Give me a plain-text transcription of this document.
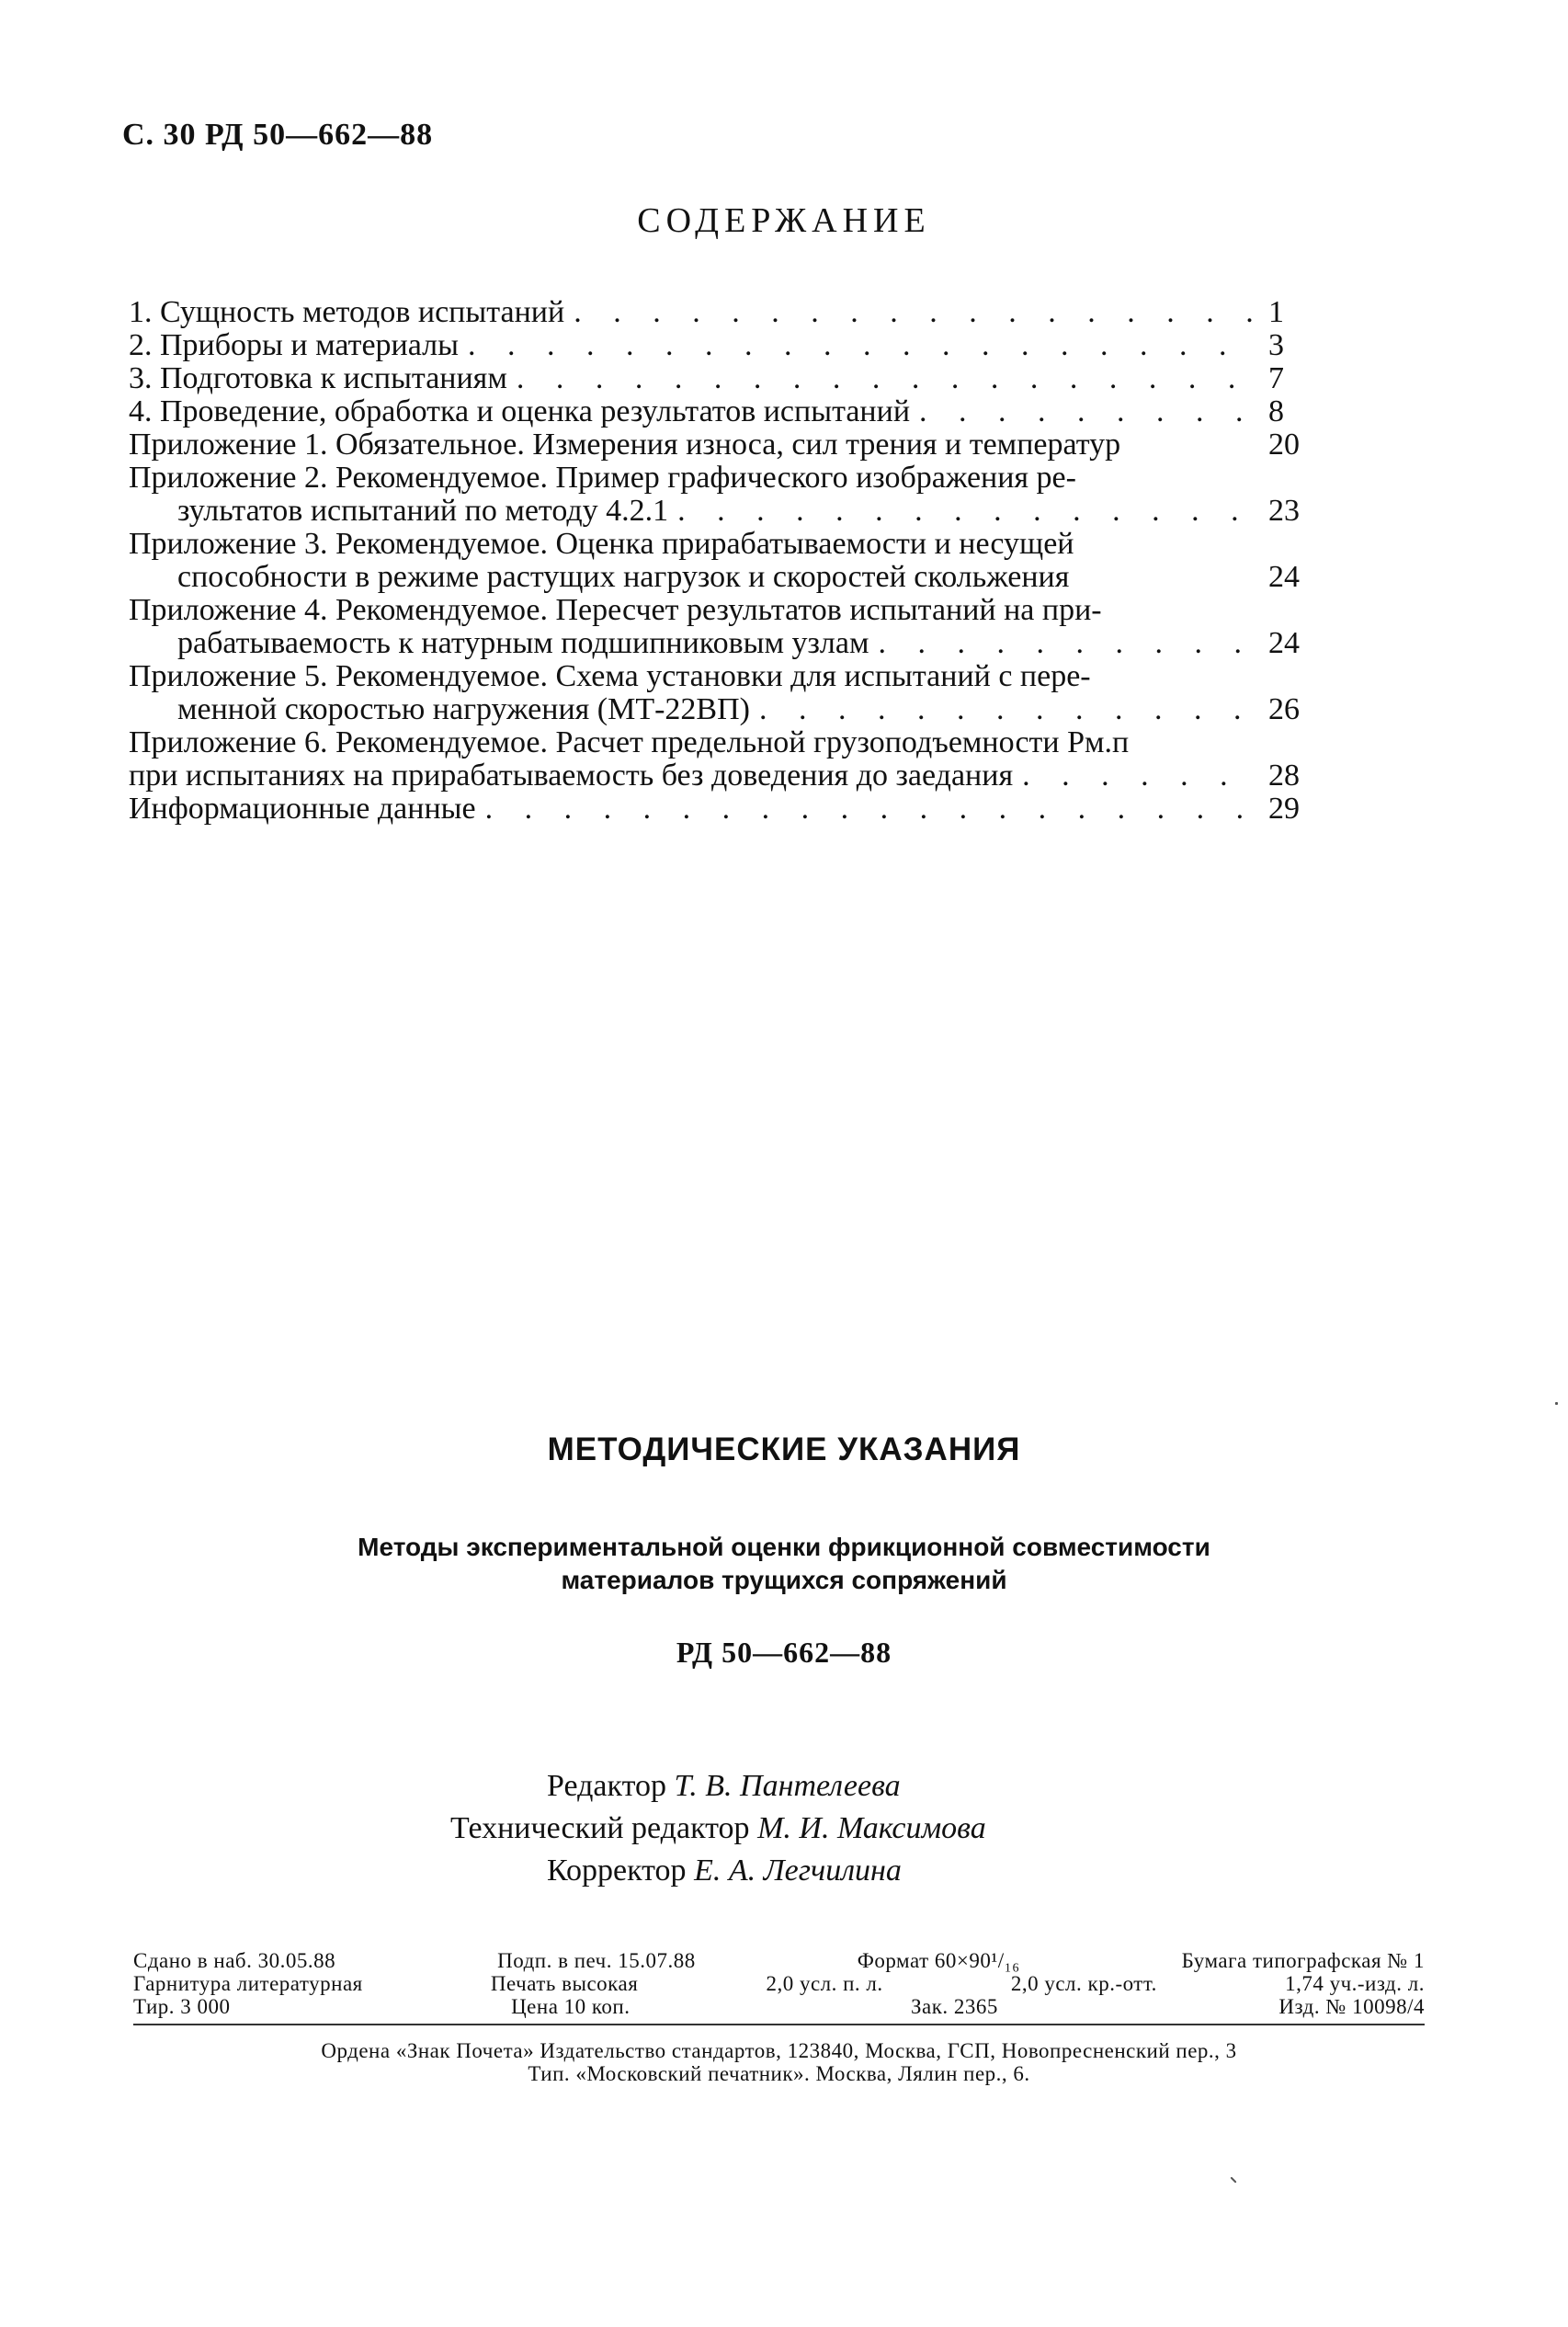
С. 30 РД 50—662—88
СОДЕРЖАНИЕ
1. Сущность методов испытаний . . .	1
2. Приборы и материалы . . .	3
3. Подготовка к испытаниям . . .	7
4. Проведение, обработка и оценка результатов испытаний . . .	8
Приложение 1. Обязательное. Измерения износа, сил трения и температур	20
Приложение 2. Рекомендуемое. Пример графического изображения ре-
зультатов испытаний по методу 4.2.1 . . .	23
Приложение 3. Рекомендуемое. Оценка прирабатываемости и несущей
способности в режиме растущих нагрузок и скоростей скольжения	24
Приложение 4. Рекомендуемое. Пересчет результатов испытаний на при-
рабатываемость к натурным подшипниковым узлам . . .	24
Приложение 5. Рекомендуемое. Схема установки для испытаний с пере-
менной скоростью нагружения (МТ-22ВП) . . .	26
Приложение 6. Рекомендуемое. Расчет предельной грузоподъемности Pм.п
при испытаниях на прирабатываемость без доведения до заедания . . .	28
Информационные данные . . .	29
МЕТОДИЧЕСКИЕ УКАЗАНИЯ
Методы экспериментальной оценки фрикционной совместимости
материалов трущихся сопряжений
РД 50—662—88
Редактор Т. В. Пантелеева
Технический редактор М. И. Максимова
Корректор Е. А. Легчилина
Сдано в наб. 30.05.88	Подп. в печ. 15.07.88	Формат 60×90¹/₁₆	Бумага типографская № 1
Гарнитура литературная	Печать высокая	2,0 усл. п. л.	2,0 усл. кр.-отт.	1,74 уч.-изд. л.
Тир. 3 000	Цена 10 коп.	Зак. 2365	Изд. № 10098/4
Ордена «Знак Почета» Издательство стандартов, 123840, Москва, ГСП, Новопресненский пер., 3
Тип. «Московский печатник». Москва, Лялин пер., 6.
